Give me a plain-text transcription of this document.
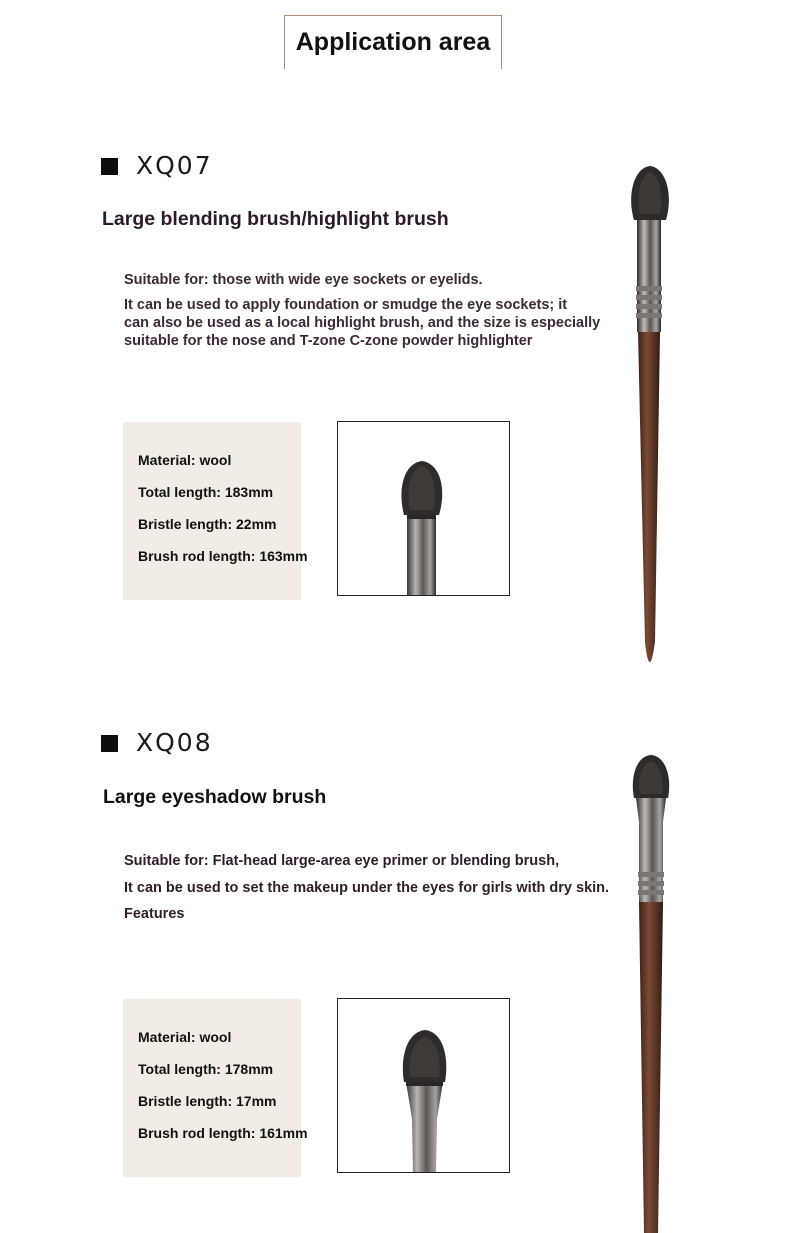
Application area
XQ07
Large blending brush/highlight brush
Suitable for: those with wide eye sockets or eyelids.
It can be used to apply foundation or smudge the eye sockets; it
can also be used as a local highlight brush, and the size is especially
suitable for the nose and T-zone C-zone powder highlighter
Material: wool
Total length: 183mm
Bristle length: 22mm
Brush rod length: 163mm
XQ08
Large eyeshadow brush
Suitable for: Flat-head large-area eye primer or blending brush,
It can be used to set the makeup under the eyes for girls with dry skin.
Features
Material: wool
Total length: 178mm
Bristle length: 17mm
Brush rod length: 161mm
